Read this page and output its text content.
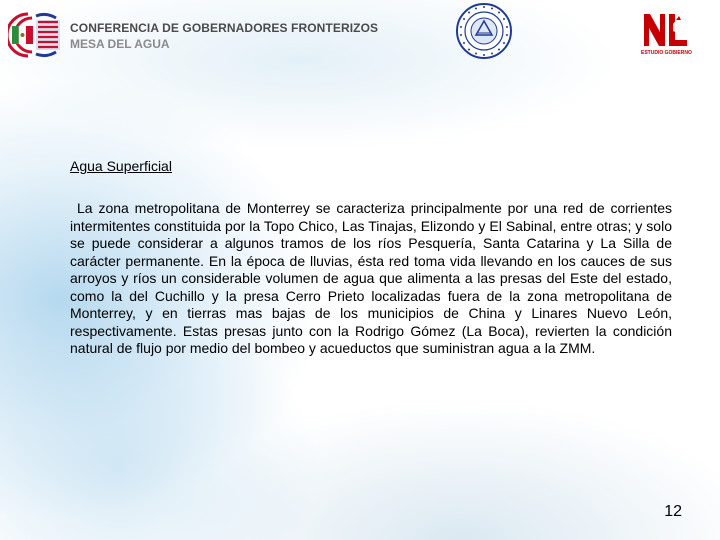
CONFERENCIA DE GOBERNADORES FRONTERIZOS
MESA DEL AGUA
ESTUDIO GOBIERNO
Agua Superficial

La zona metropolitana de Monterrey se caracteriza principalmente por una red de corrientes intermitentes constituida por la Topo Chico, Las Tinajas, Elizondo y El Sabinal, entre otras; y solo se puede considerar a algunos tramos de los ríos Pesquería, Santa Catarina y La Silla de carácter permanente. En la época de lluvias, ésta red toma vida llevando en los cauces de sus arroyos y ríos un considerable volumen de agua que alimenta a las presas del Este del estado, como la del Cuchillo y la presa Cerro Prieto localizadas fuera de la zona metropolitana de Monterrey, y en tierras mas bajas de los municipios de China y Linares Nuevo León, respectivamente. Estas presas junto con la Rodrigo Gómez (La Boca), revierten la condición natural de flujo por medio del bombeo y acueductos que suministran agua a la ZMM.

12
